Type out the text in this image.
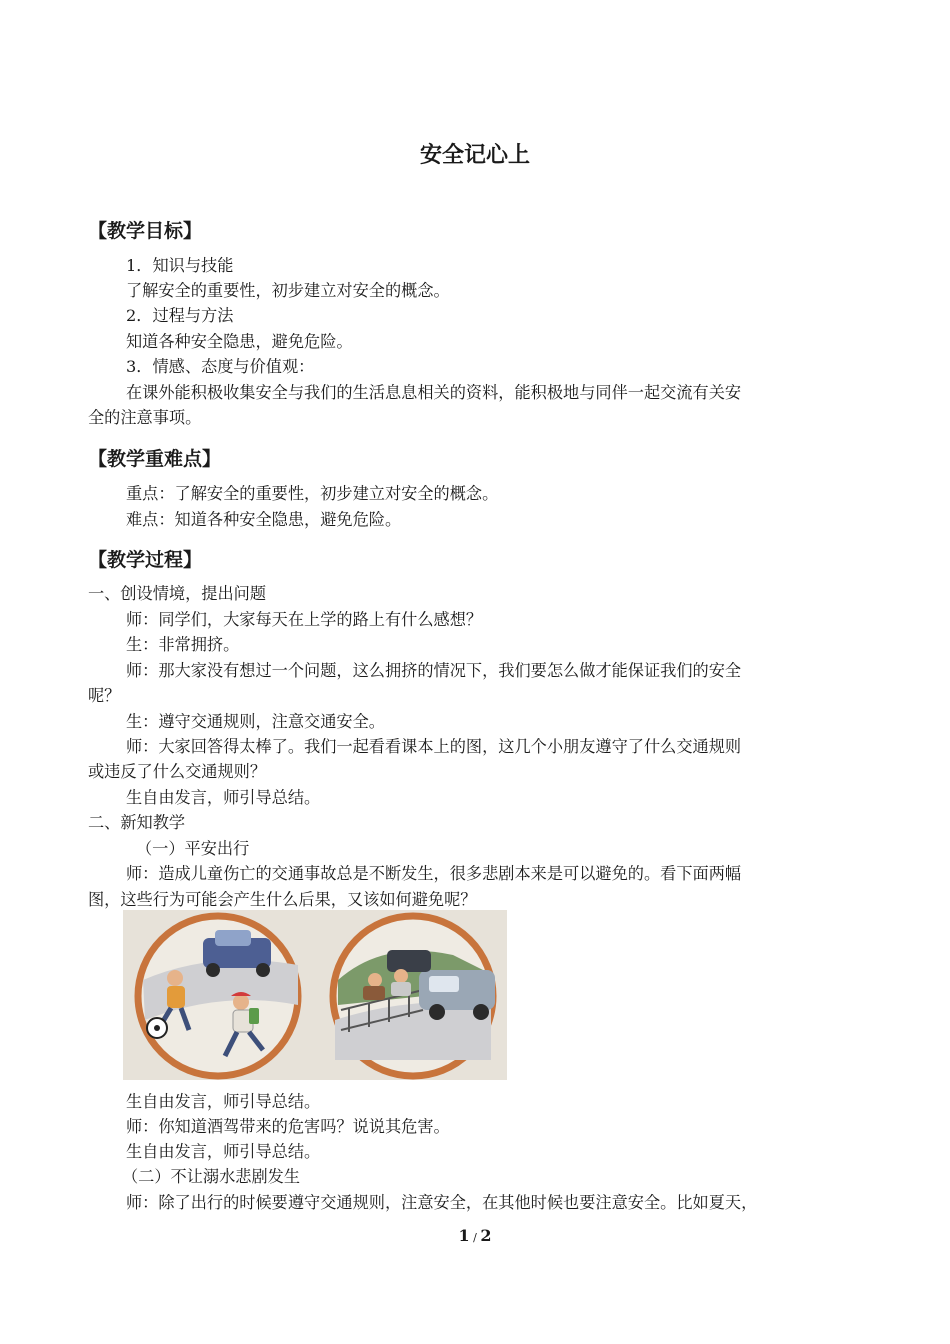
安全记心上
【教学目标】
1．知识与技能
了解安全的重要性，初步建立对安全的概念。
2．过程与方法
知道各种安全隐患，避免危险。
3．情感、态度与价值观：
在课外能积极收集安全与我们的生活息息相关的资料，能积极地与同伴一起交流有关安
全的注意事项。
【教学重难点】
重点：了解安全的重要性，初步建立对安全的概念。
难点：知道各种安全隐患，避免危险。
【教学过程】
一、创设情境，提出问题
师：同学们，大家每天在上学的路上有什么感想？
生：非常拥挤。
师：那大家没有想过一个问题，这么拥挤的情况下，我们要怎么做才能保证我们的安全
呢？
生：遵守交通规则，注意交通安全。
师：大家回答得太棒了。我们一起看看课本上的图，这几个小朋友遵守了什么交通规则
或违反了什么交通规则？
生自由发言，师引导总结。
二、新知教学
（一）平安出行
师：造成儿童伤亡的交通事故总是不断发生，很多悲剧本来是可以避免的。看下面两幅
图，这些行为可能会产生什么后果，又该如何避免呢？
生自由发言，师引导总结。
师：你知道酒驾带来的危害吗？说说其危害。
生自由发言，师引导总结。
（二）不让溺水悲剧发生
师：除了出行的时候要遵守交通规则，注意安全，在其他时候也要注意安全。比如夏天，
1 / 2
